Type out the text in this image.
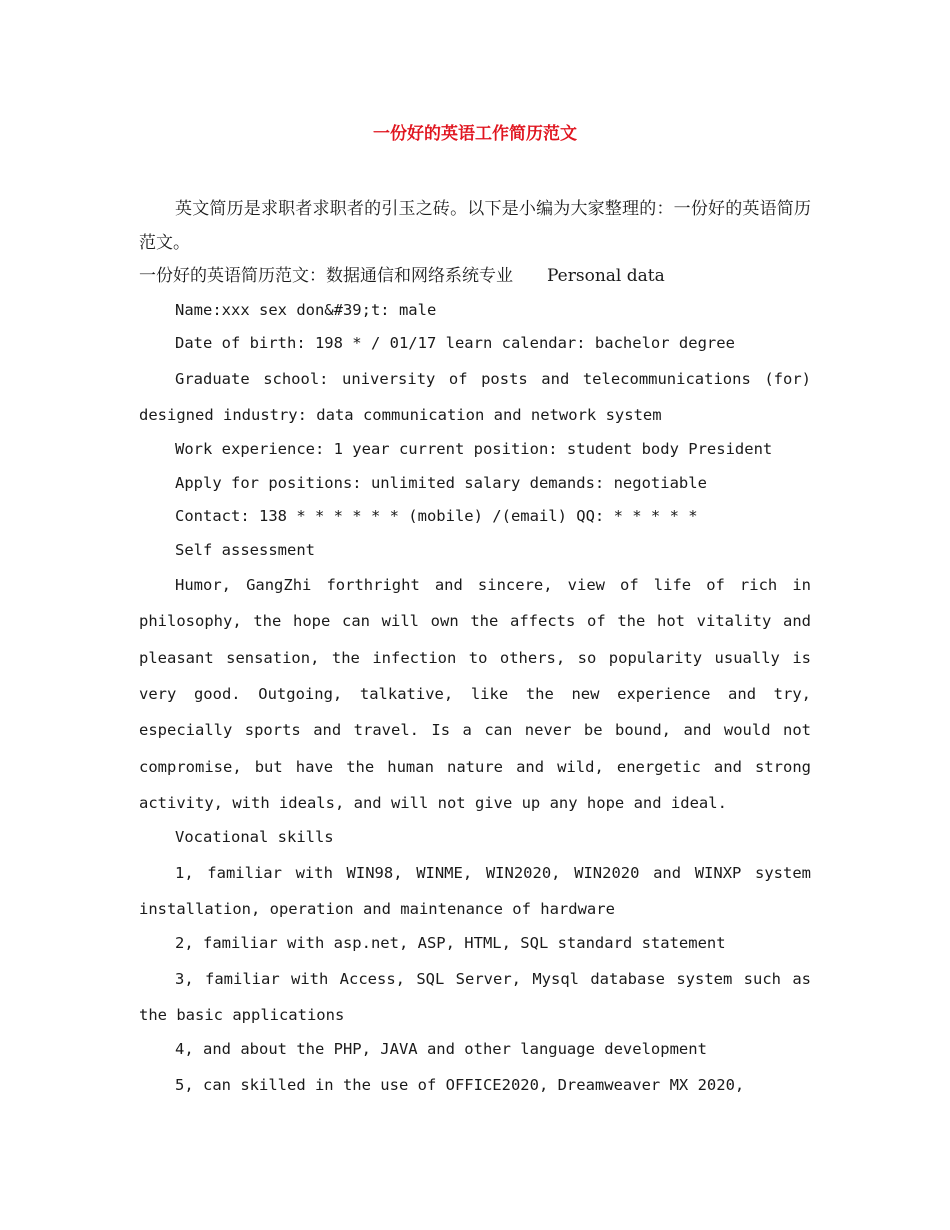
一份好的英语工作简历范文

英文简历是求职者求职者的引玉之砖。以下是小编为大家整理的：一份好的英语简历范文。

一份好的英语简历范文：数据通信和网络系统专业　　Personal data

Name:xxx sex don&#39;t: male

Date of birth: 198 * / 01/17 learn calendar: bachelor degree

Graduate school: university of posts and telecommunications (for) designed industry: data communication and network system

Work experience: 1 year current position: student body President

Apply for positions: unlimited salary demands: negotiable

Contact: 138 * * * * * * (mobile) /(email) QQ: * * * * *

Self assessment

Humor, GangZhi forthright and sincere, view of life of rich in philosophy, the hope can will own the affects of the hot vitality and pleasant sensation, the infection to others, so popularity usually is very good. Outgoing, talkative, like the new experience and try, especially sports and travel. Is a can never be bound, and would not compromise, but have the human nature and wild, energetic and strong activity, with ideals, and will not give up any hope and ideal.

Vocational skills

1, familiar with WIN98, WINME, WIN2020, WIN2020 and WINXP system installation, operation and maintenance of hardware

2, familiar with asp.net, ASP, HTML, SQL standard statement

3, familiar with Access, SQL Server, Mysql database system such as the basic applications

4, and about the PHP, JAVA and other language development

5, can skilled in the use of OFFICE2020, Dreamweaver MX 2020,
